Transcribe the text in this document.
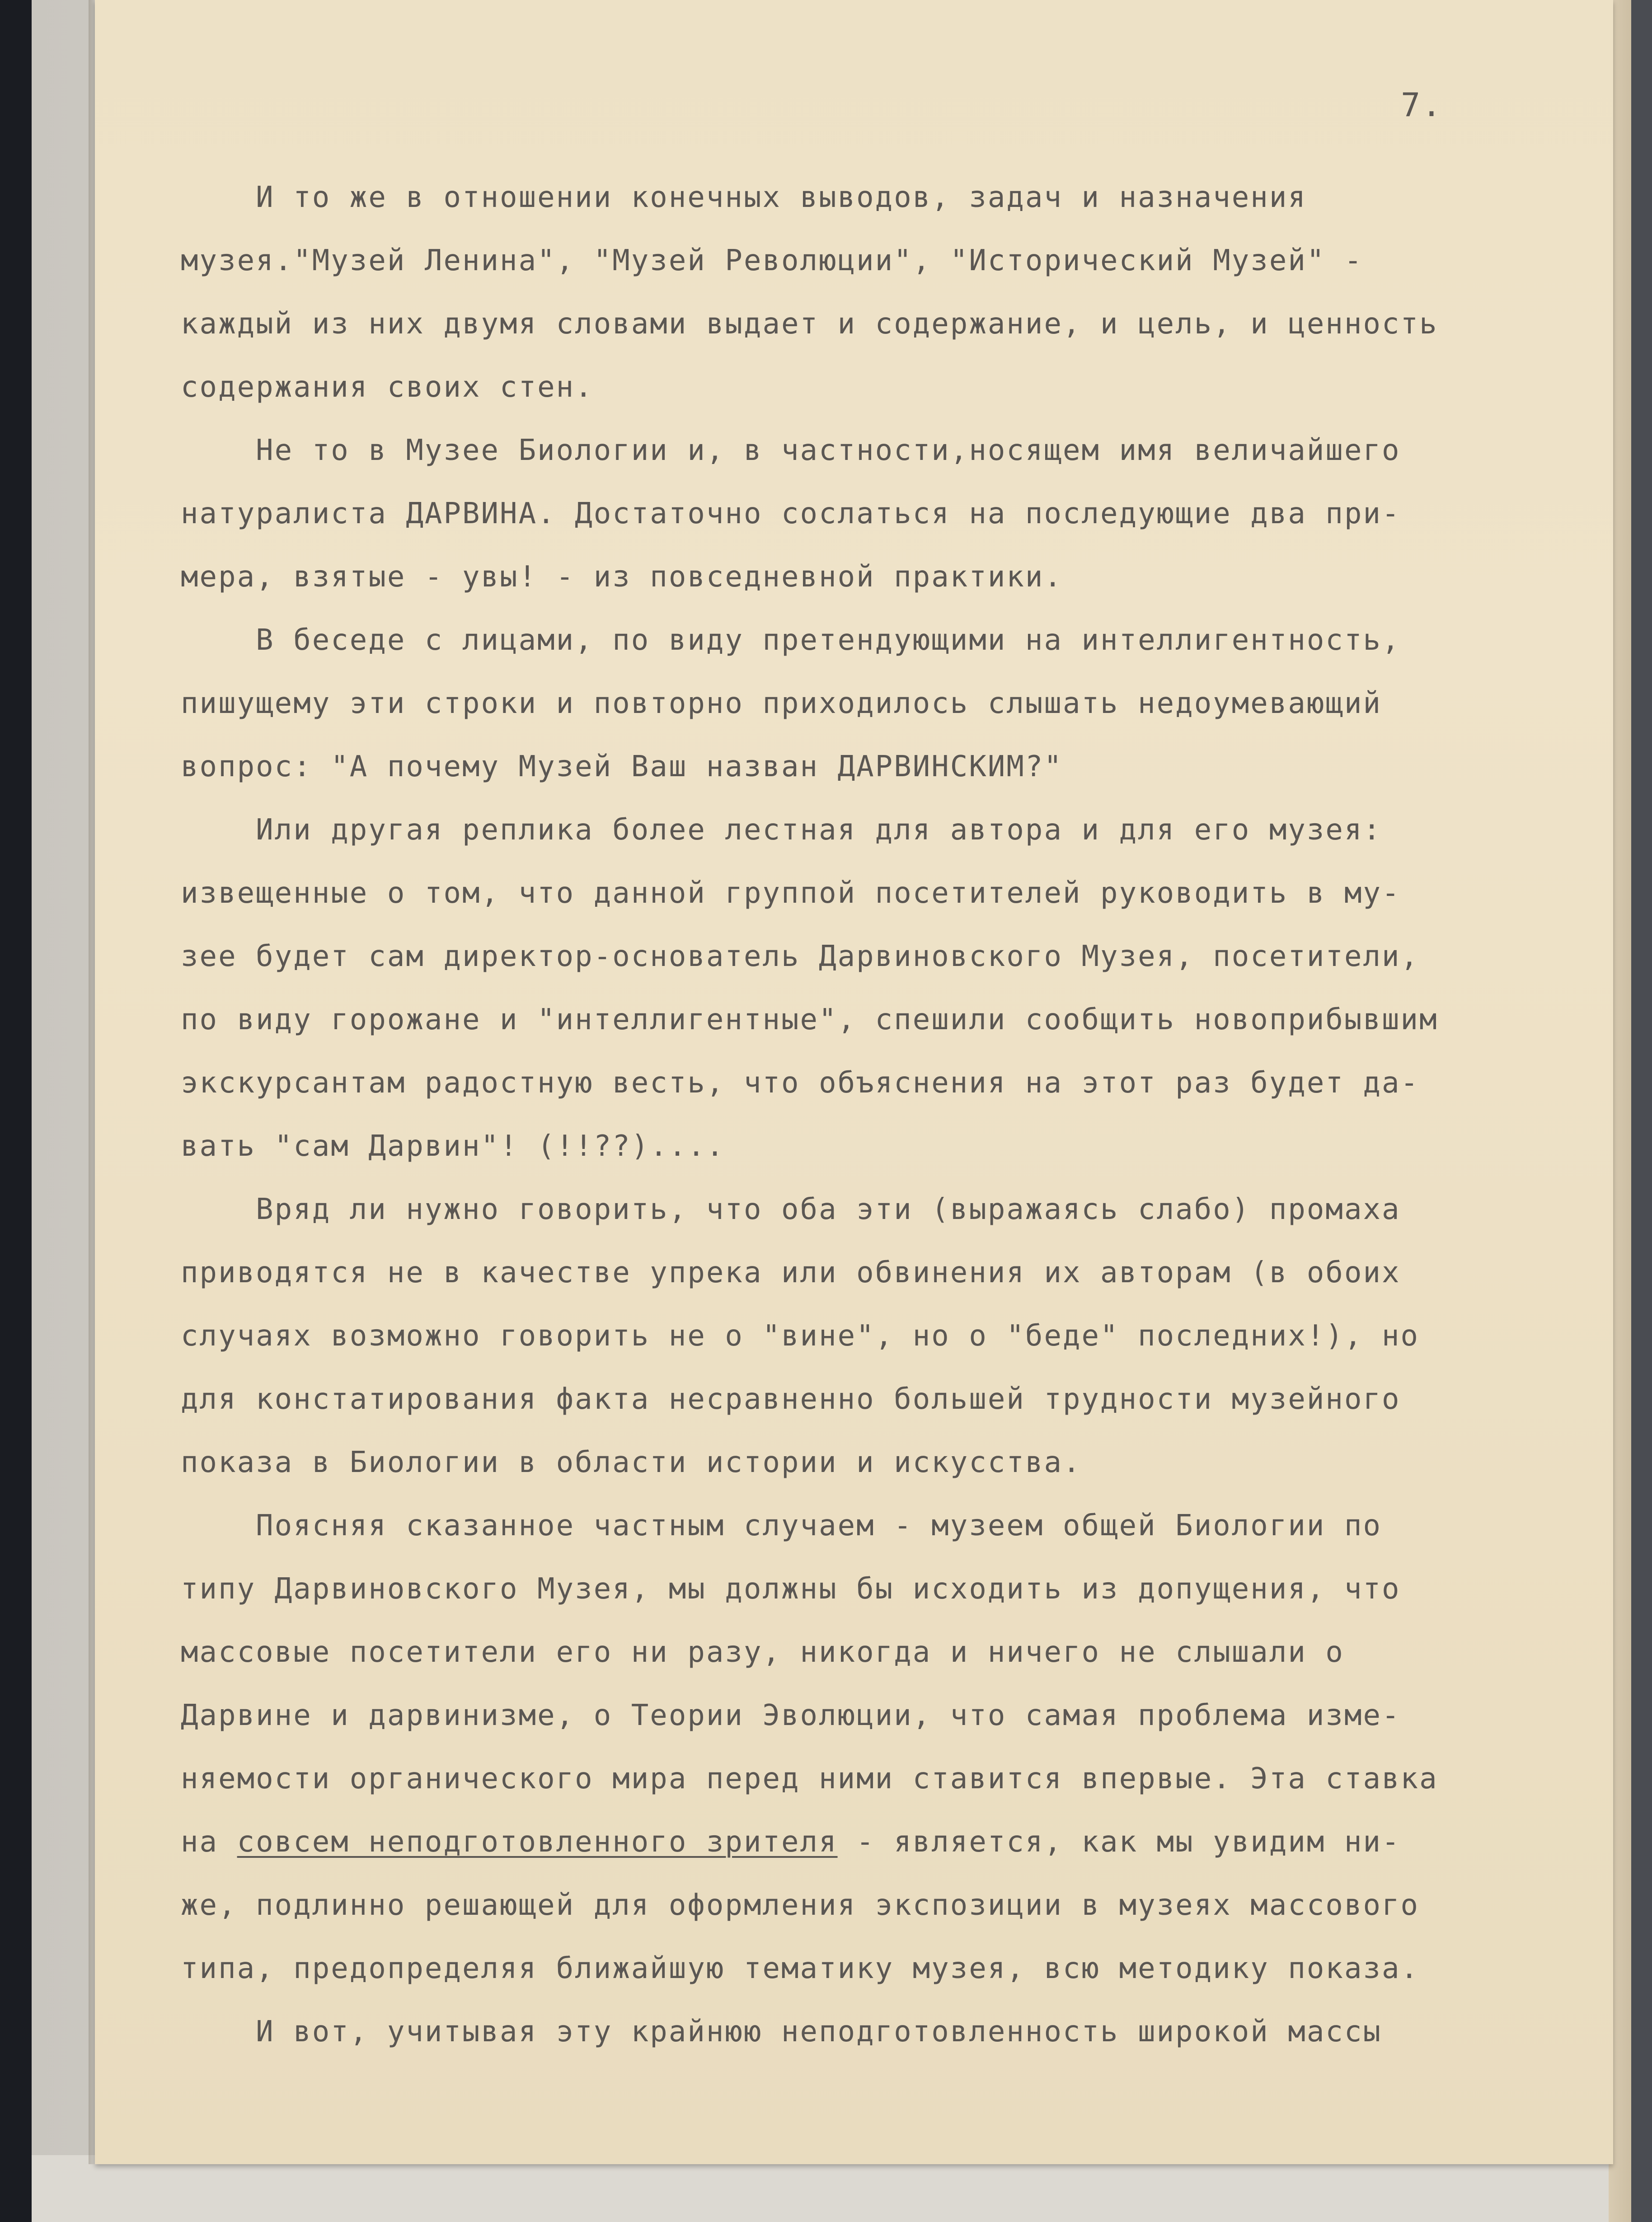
7.

И то же в отношении конечных выводов, задач и назначения

музея."Музей Ленина", "Музей Революции", "Исторический Музей" -

каждый из них двумя словами выдает и содержание, и цель, и ценность

содержания своих стен.

Не то в Музее Биологии и, в частности,носящем имя величайшего

натуралиста ДАРВИНА. Достаточно сослаться на последующие два при-

мера, взятые - увы! - из повседневной практики.

В беседе с лицами, по виду претендующими на интеллигентность,

пишущему эти строки и повторно приходилось слышать недоумевающий

вопрос: "А почему Музей Ваш назван ДАРВИНСКИМ?"

Или другая реплика более лестная для автора и для его музея:

извещенные о том, что данной группой посетителей руководить в му-

зее будет сам директор-основатель Дарвиновского Музея, посетители,

по виду горожане и "интеллигентные", спешили сообщить новоприбывшим

экскурсантам радостную весть, что объяснения на этот раз будет да-

вать "сам Дарвин"! (!!??)....

Вряд ли нужно говорить, что оба эти (выражаясь слабо) промаха

приводятся не в качестве упрека или обвинения их авторам (в обоих

случаях возможно говорить не о "вине", но о "беде" последних!), но

для констатирования факта несравненно большей трудности музейного

показа в Биологии в области истории и искусства.

Поясняя сказанное частным случаем - музеем общей Биологии по

типу Дарвиновского Музея, мы должны бы исходить из допущения, что

массовые посетители его ни разу, никогда и ничего не слышали о

Дарвине и дарвинизме, о Теории Эволюции, что самая проблема изме-

няемости органического мира перед ними ставится впервые. Эта ставка

на совсем неподготовленного зрителя - является, как мы увидим ни-

же, подлинно решающей для оформления экспозиции в музеях массового

типа, предопределяя ближайшую тематику музея, всю методику показа.

И вот, учитывая эту крайнюю неподготовленность широкой массы
